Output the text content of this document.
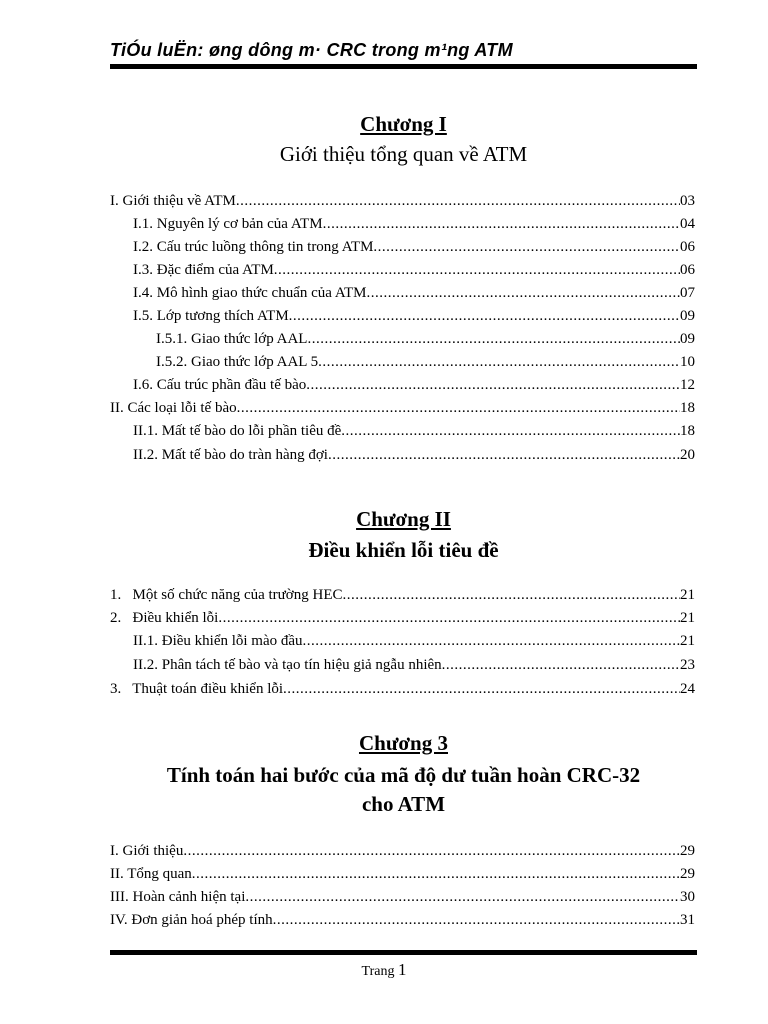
TiÓu luËn: øng dông m· CRC trong m¹ng ATM
Chương I
Giới thiệu tổng quan về ATM
I. Giới thiệu về ATM .....	03
I.1. Nguyên lý cơ bản của ATM .....	04
I.2. Cấu trúc luồng thông tin trong ATM .....	06
I.3. Đặc điểm của ATM .....	06
I.4. Mô hình giao thức chuẩn của ATM .....	07
I.5. Lớp tương thích ATM .....	09
I.5.1. Giao thức lớp AAL .....	09
I.5.2. Giao thức lớp AAL 5 .....	10
I.6. Cấu trúc phần đầu tế bào .....	12
II. Các loại lỗi tế bào .....	18
II.1. Mất tế bào do lỗi phần tiêu đề .....	18
II.2. Mất tế bào do tràn hàng đợi .....	20
Chương II
Điều khiển lỗi tiêu đề
1.   Một số chức năng của trường HEC .....	21
2.   Điều khiển lỗi .....	21
II.1. Điều khiển lỗi mào đầu .....	21
II.2. Phân tách tế bào và tạo tín hiệu giả ngẫu nhiên .....	23
3.   Thuật toán điều khiển lỗi .....	24
Chương 3
Tính toán hai bước của mã độ dư tuần hoàn CRC-32
cho ATM
I. Giới thiệu .....	29
II. Tổng quan .....	29
III. Hoàn cảnh hiện tại .....	30
IV. Đơn giản hoá phép tính .....	31
Trang 1
